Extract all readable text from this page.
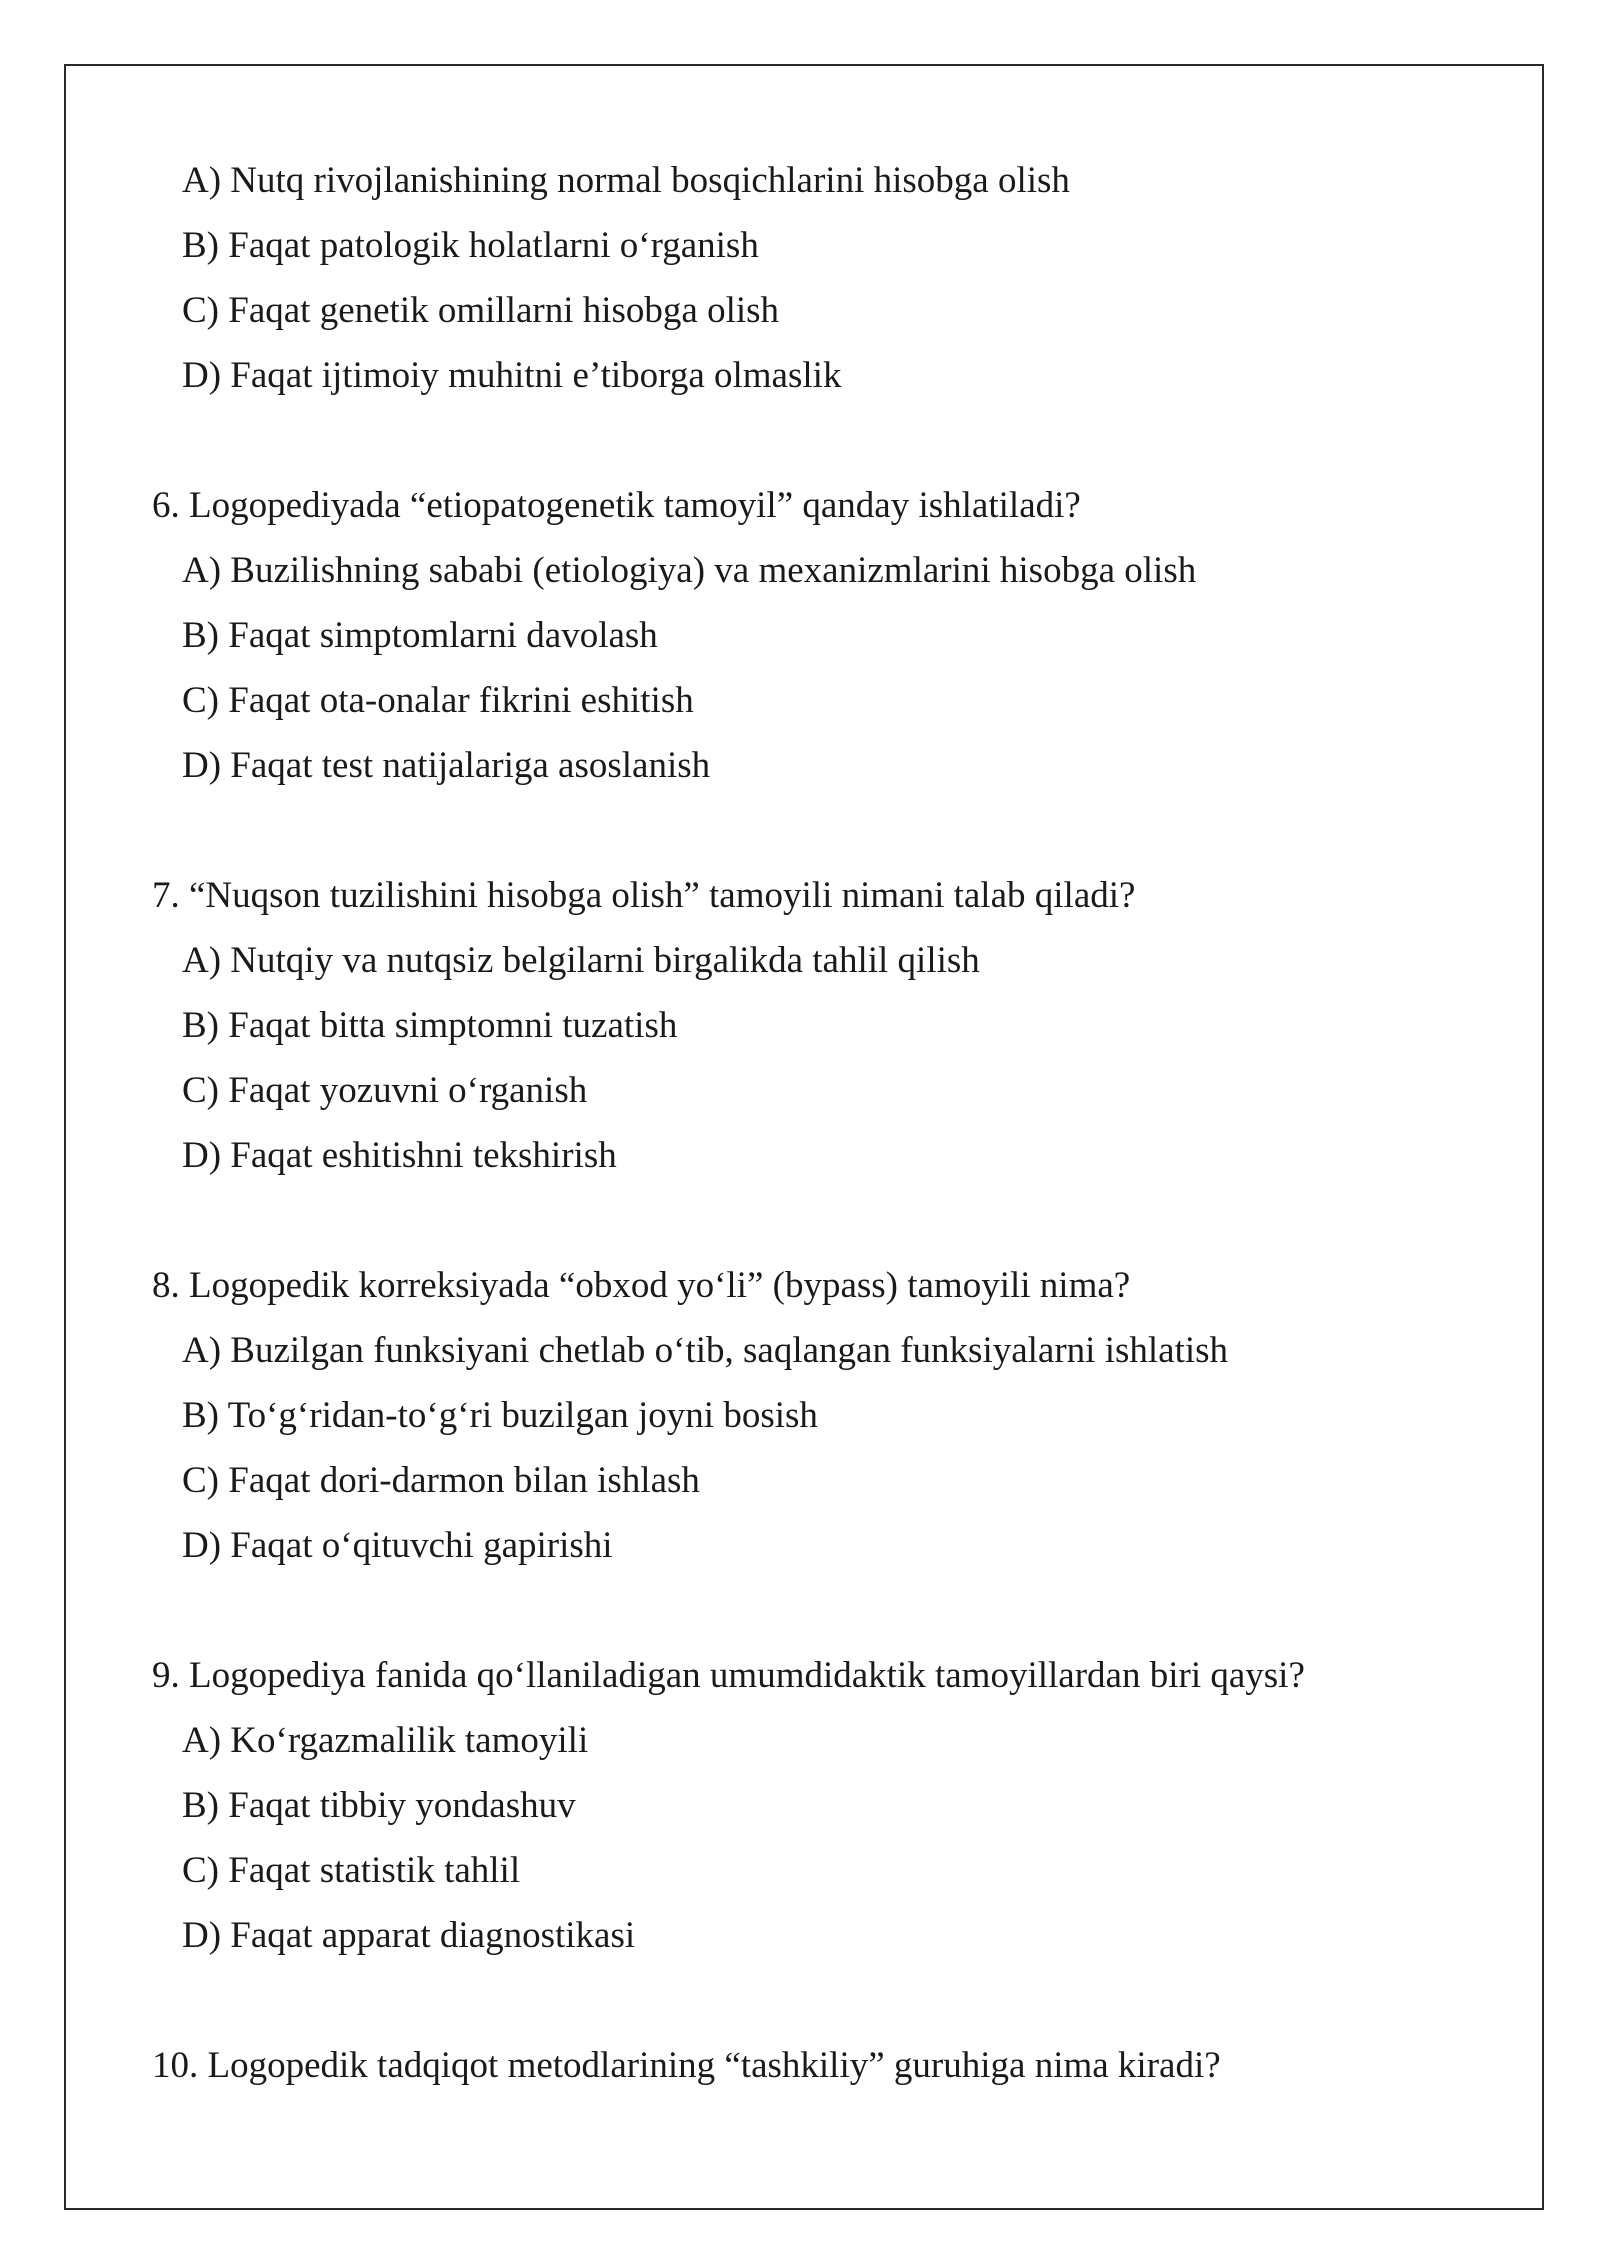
A) Nutq rivojlanishining normal bosqichlarini hisobga olish
B) Faqat patologik holatlarni o‘rganish
C) Faqat genetik omillarni hisobga olish
D) Faqat ijtimoiy muhitni e’tiborga olmaslik
6. Logopediyada “etiopatogenetik tamoyil” qanday ishlatiladi?
A) Buzilishning sababi (etiologiya) va mexanizmlarini hisobga olish
B) Faqat simptomlarni davolash
C) Faqat ota-onalar fikrini eshitish
D) Faqat test natijalariga asoslanish
7. “Nuqson tuzilishini hisobga olish” tamoyili nimani talab qiladi?
A) Nutqiy va nutqsiz belgilarni birgalikda tahlil qilish
B) Faqat bitta simptomni tuzatish
C) Faqat yozuvni o‘rganish
D) Faqat eshitishni tekshirish
8. Logopedik korreksiyada “obxod yo‘li” (bypass) tamoyili nima?
A) Buzilgan funksiyani chetlab o‘tib, saqlangan funksiyalarni ishlatish
B) To‘g‘ridan-to‘g‘ri buzilgan joyni bosish
C) Faqat dori-darmon bilan ishlash
D) Faqat o‘qituvchi gapirishi
9. Logopediya fanida qo‘llaniladigan umumdidaktik tamoyillardan biri qaysi?
A) Ko‘rgazmalilik tamoyili
B) Faqat tibbiy yondashuv
C) Faqat statistik tahlil
D) Faqat apparat diagnostikasi
10. Logopedik tadqiqot metodlarining “tashkiliy” guruhiga nima kiradi?
